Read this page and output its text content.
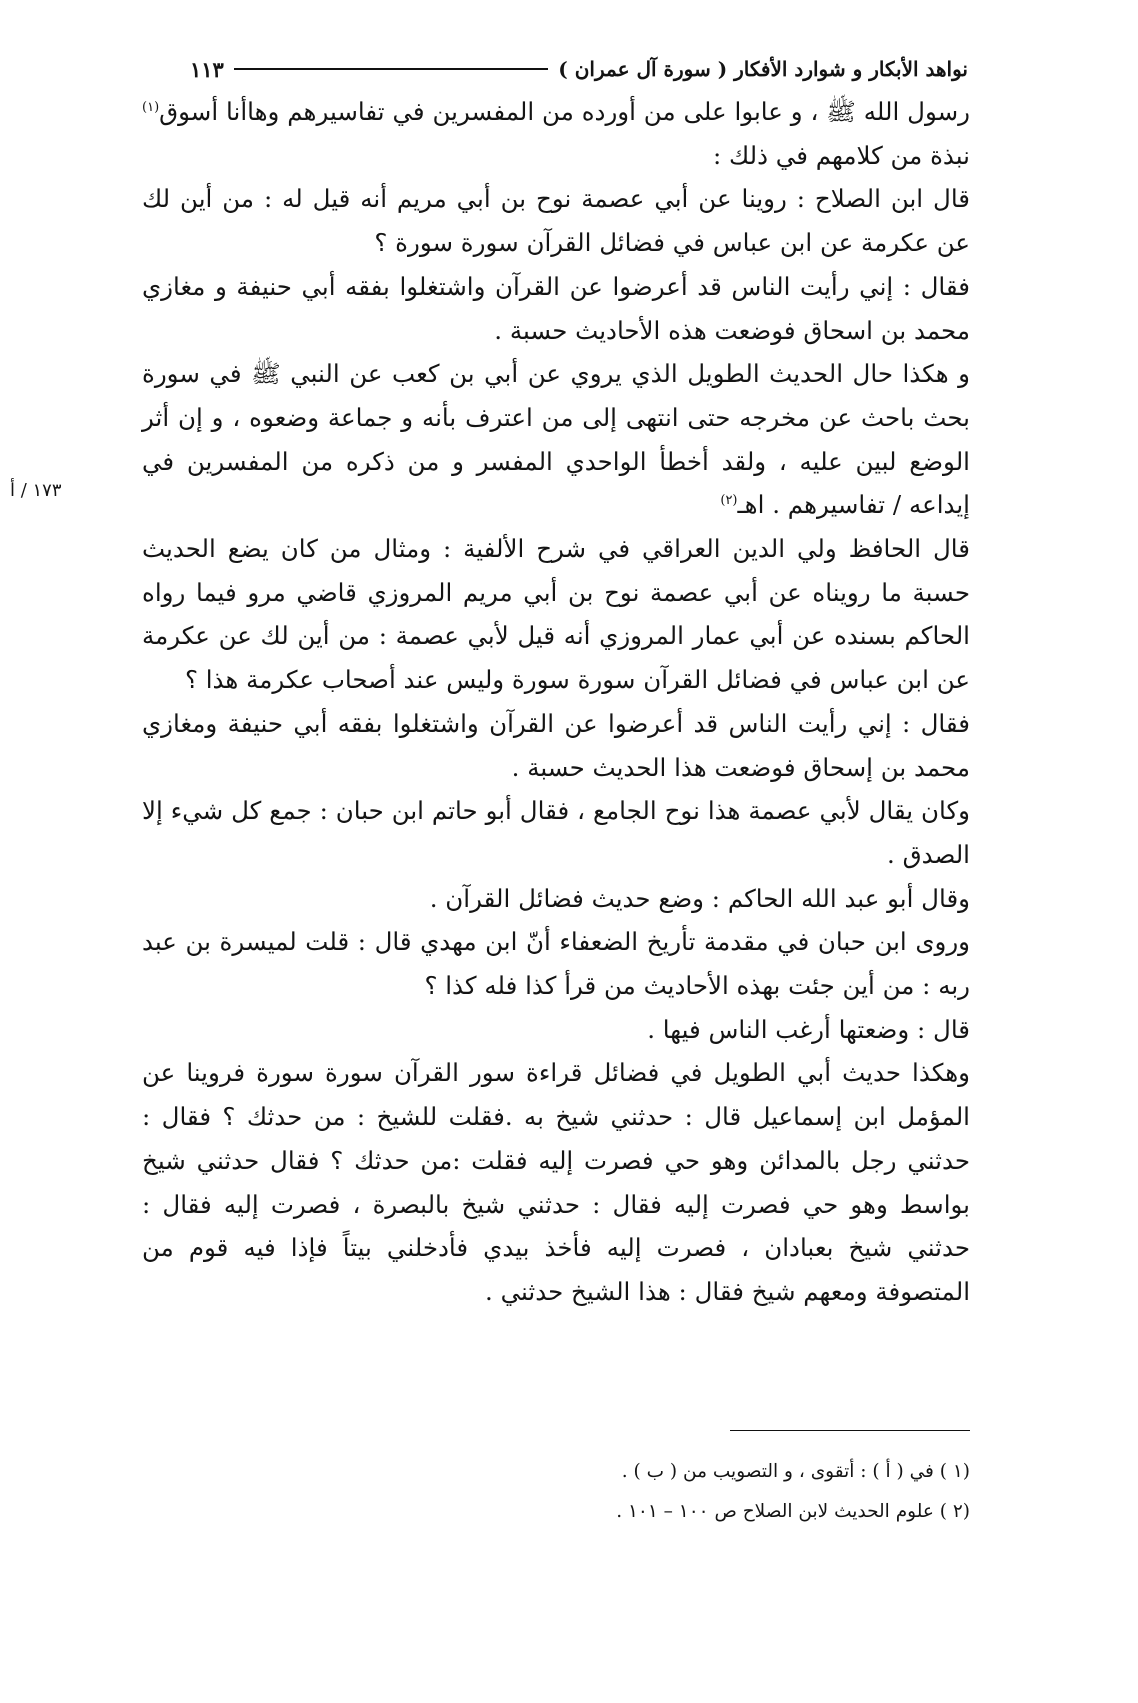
نواهد الأبكار و شوارد الأفكار ( سورة آل عمران )
١١٣
١٧٣ / أ

رسول الله ﷺ ، و عابوا على من أورده من المفسرين في تفاسيرهم وهاأنا أسوق$^{(١)}$ نبذة من كلامهم في ذلك :

قال ابن الصلاح : روينا عن أبي عصمة نوح بن أبي مريم أنه قيل له : من أين لك عن عكرمة عن ابن عباس في فضائل القرآن سورة سورة ؟

فقال : إني رأيت الناس قد أعرضوا عن القرآن واشتغلوا بفقه أبي حنيفة و مغازي محمد بن اسحاق فوضعت هذه الأحاديث حسبة .

و هكذا حال الحديث الطويل الذي يروي عن أبي بن كعب عن النبي ﷺ في سورة بحث باحث عن مخرجه حتى انتهى إلى من اعترف بأنه و جماعة وضعوه ، و إن أثر الوضع لبين عليه ، ولقد أخطأ الواحدي المفسر و من ذكره من المفسرين في إيداعه / تفاسيرهم . اهـ$^{(٢)}$

قال الحافظ ولي الدين العراقي في شرح الألفية : ومثال من كان يضع الحديث حسبة ما رويناه عن أبي عصمة نوح بن أبي مريم المروزي قاضي مرو فيما رواه الحاكم بسنده عن أبي عمار المروزي أنه قيل لأبي عصمة : من أين لك عن عكرمة عن ابن عباس في فضائل القرآن سورة سورة وليس عند أصحاب عكرمة هذا ؟

فقال : إني رأيت الناس قد أعرضوا عن القرآن واشتغلوا بفقه أبي حنيفة ومغازي محمد بن إسحاق فوضعت هذا الحديث حسبة .

وكان يقال لأبي عصمة هذا نوح الجامع ، فقال أبو حاتم ابن حبان : جمع كل شيء إلا الصدق .

وقال أبو عبد الله الحاكم : وضع حديث فضائل القرآن .

وروى ابن حبان في مقدمة تأريخ الضعفاء أنّ ابن مهدي قال : قلت لميسرة بن عبد ربه : من أين جئت بهذه الأحاديث من قرأ كذا فله كذا ؟

قال : وضعتها أرغب الناس فيها .

وهكذا حديث أبي الطويل في فضائل قراءة سور القرآن سورة سورة فروينا عن المؤمل ابن إسماعيل قال : حدثني شيخ به .فقلت للشيخ : من حدثك ؟ فقال : حدثني رجل بالمدائن وهو حي فصرت إليه فقلت :من حدثك ؟ فقال حدثني شيخ بواسط وهو حي فصرت إليه فقال : حدثني شيخ بالبصرة ، فصرت إليه فقال : حدثني شيخ بعبادان ، فصرت إليه فأخذ بيدي فأدخلني بيتاً فإذا فيه قوم من المتصوفة ومعهم شيخ فقال : هذا الشيخ حدثني .

(١ ) في ( أ ) : أتقوى ، و التصويب من ( ب ) .

(٢ ) علوم الحديث لابن الصلاح ص ١٠٠ – ١٠١ .
